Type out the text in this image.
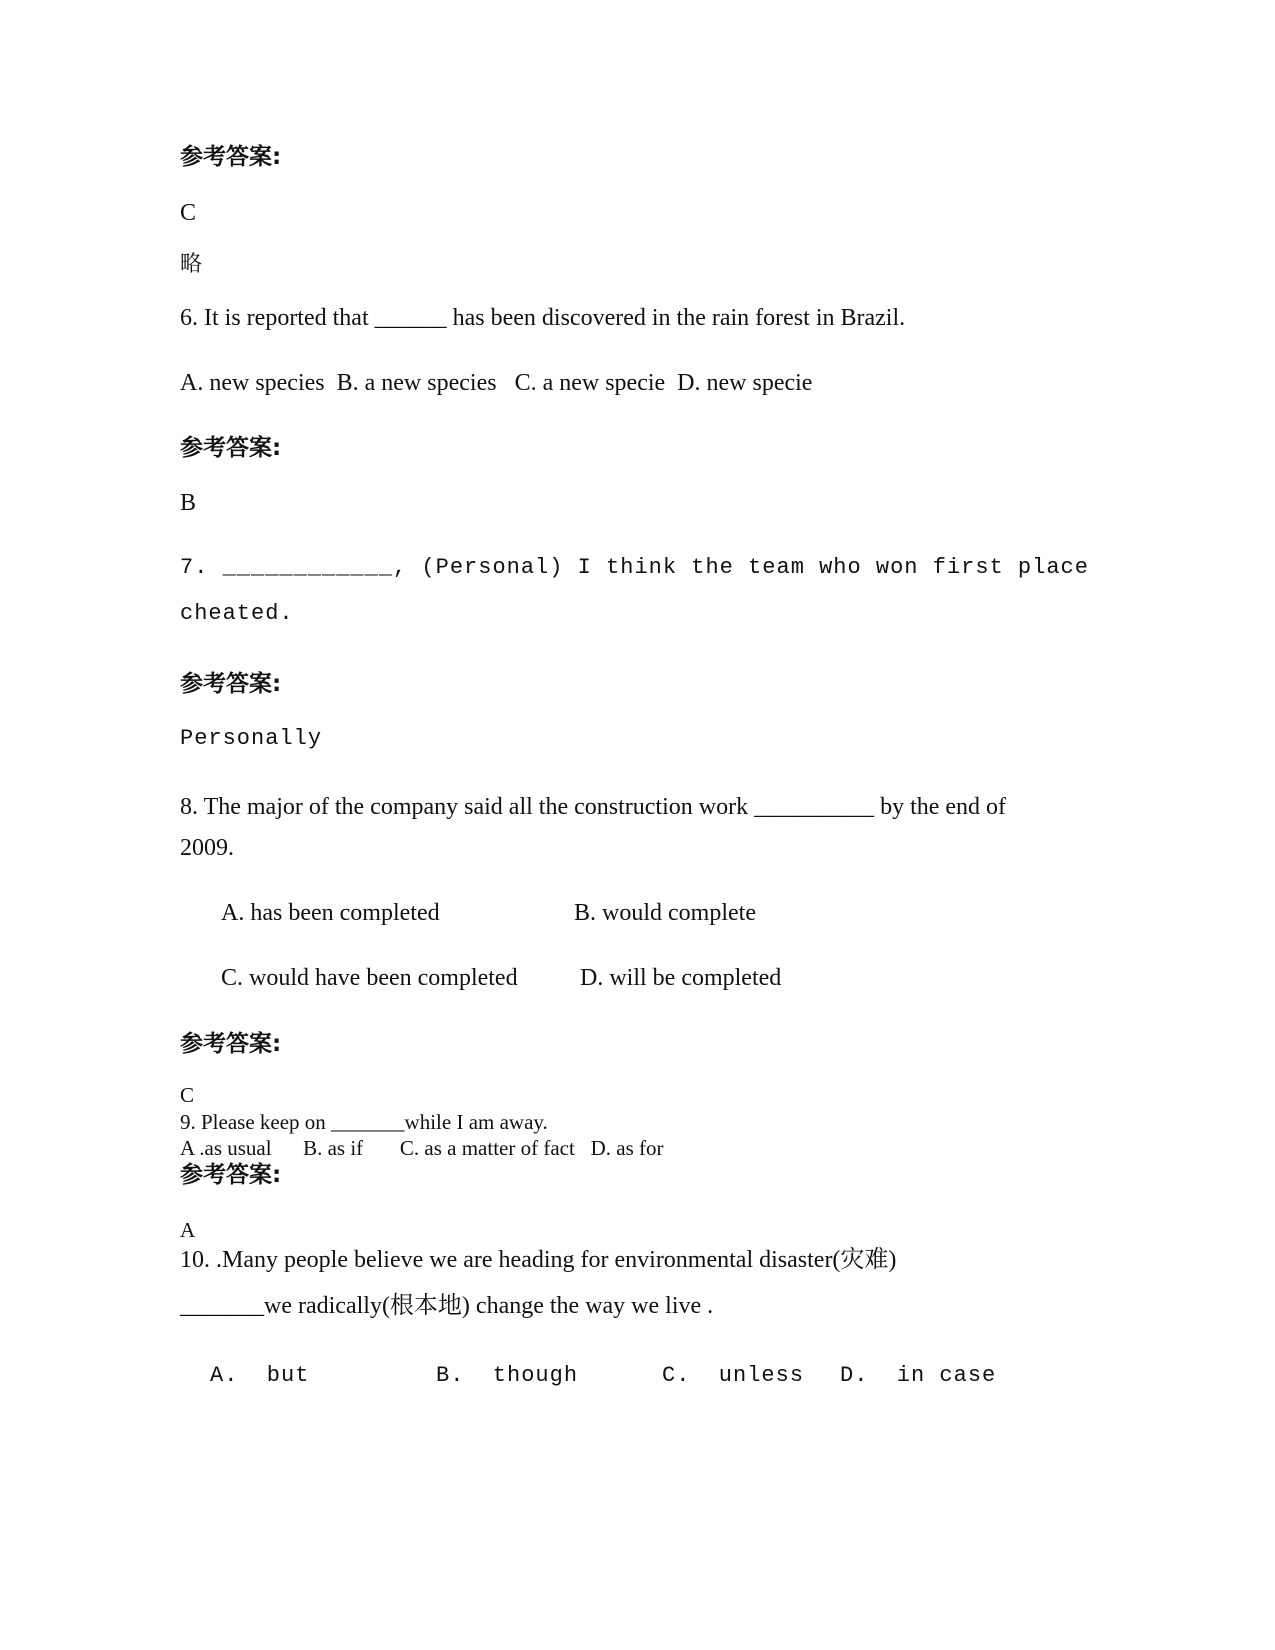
参考答案:
C
略
6. It is reported that ______ has been discovered in the rain forest in Brazil.
A. new species  B. a new species   C. a new specie  D. new specie
参考答案:
B
7. ____________, (Personal) I think the team who won first place
cheated.
参考答案:
Personally
8. The major of the company said all the construction work __________ by the end of
2009.
A. has been completed	B. would complete
C. would have been completed	D. will be completed
参考答案:
C
9. Please keep on _______while I am away.
A .as usual      B. as if       C. as a matter of fact   D. as for
参考答案:
A
10. .Many people believe we are heading for environmental disaster(灾难)
_______we radically(根本地) change the way we live .
A.  but	B.  though	C.  unless D.  in case
